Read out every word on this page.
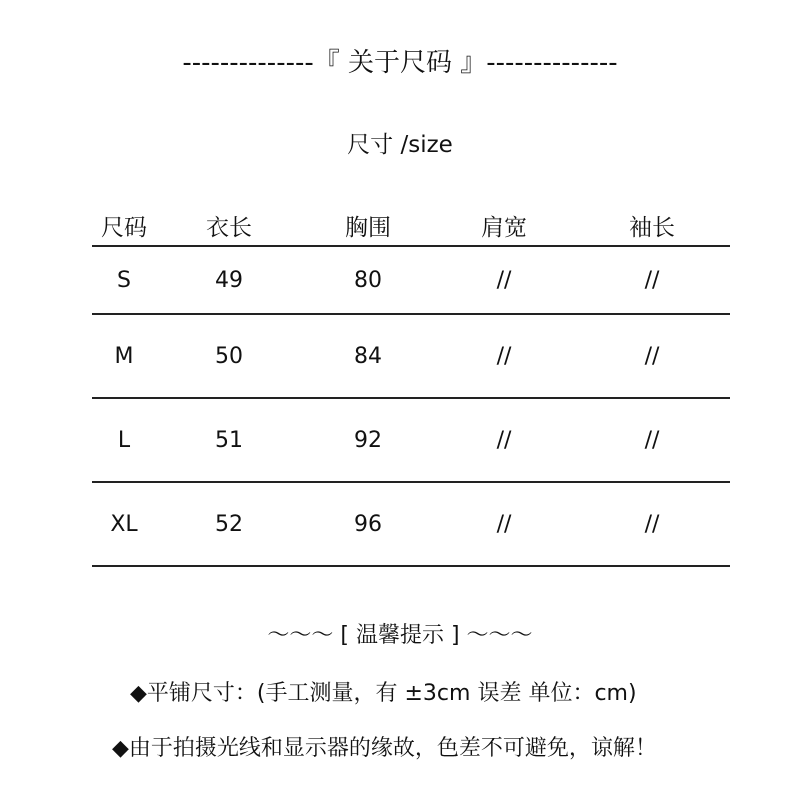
--------------『 关于尺码 』--------------
尺寸 /size
尺码	衣长	胸围	肩宽	袖长
S	49	80	//	//
M	50	84	//	//
L	51	92	//	//
XL	52	96	//	//
～～～ [ 温馨提示 ] ～～～
◆平铺尺寸：(手工测量，有 ±3cm 误差 单位：cm)
◆由于拍摄光线和显示器的缘故，色差不可避免，谅解！
